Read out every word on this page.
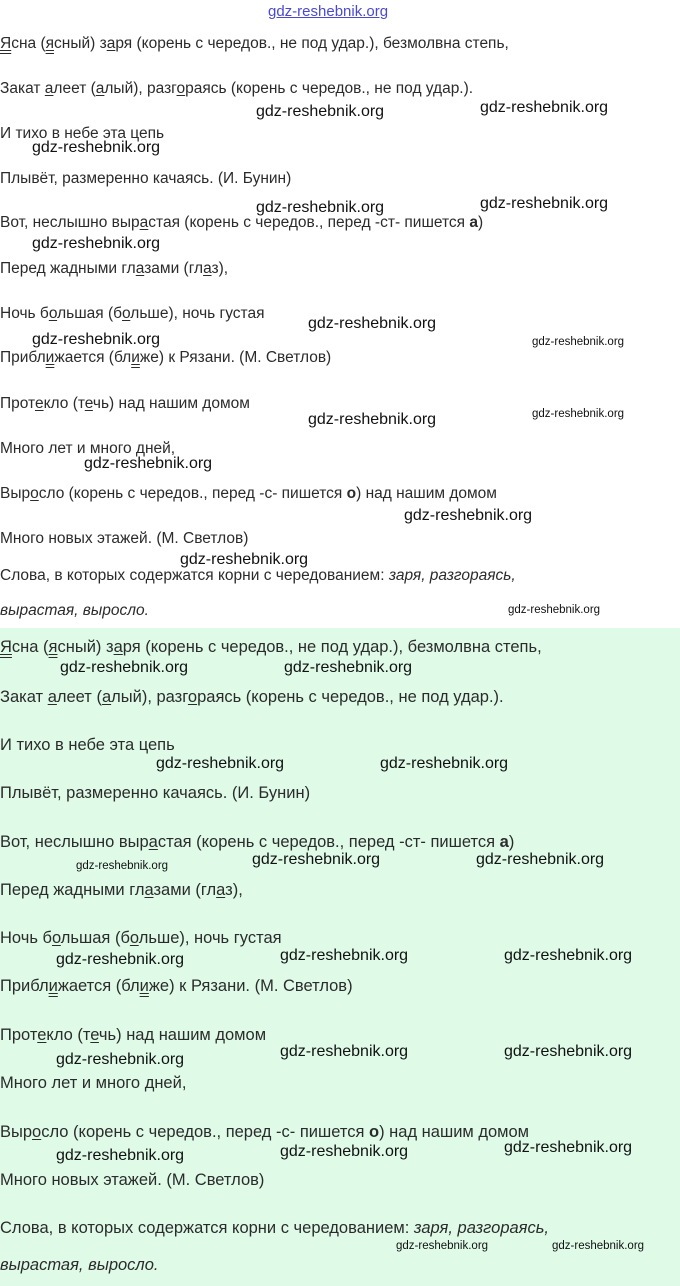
Ясна (ясный) заря (корень с чередов., не под удар.), безмолвна степь,
Закат алеет (алый), разгораясь (корень с чередов., не под удар.).
И тихо в небе эта цепь
Плывёт, размеренно качаясь. (И. Бунин)
Вот, неслышно вырастая (корень с чередов., перед -ст- пишется а)
Перед жадными глазами (глаз),
Ночь большая (больше), ночь густая
Приближается (ближе) к Рязани. (М. Светлов)
Протекло (течь) над нашим домом
Много лет и много дней,
Выросло (корень с чередов., перед -с- пишется о) над нашим домом
Много новых этажей. (М. Светлов)
Слова, в которых содержатся корни с чередованием: заря, разгораясь,
вырастая, выросло.
Ясна (ясный) заря (корень с чередов., не под удар.), безмолвна степь,
Закат алеет (алый), разгораясь (корень с чередов., не под удар.).
И тихо в небе эта цепь
Плывёт, размеренно качаясь. (И. Бунин)
Вот, неслышно вырастая (корень с чередов., перед -ст- пишется а)
Перед жадными глазами (глаз),
Ночь большая (больше), ночь густая
Приближается (ближе) к Рязани. (М. Светлов)
Протекло (течь) над нашим домом
Много лет и много дней,
Выросло (корень с чередов., перед -с- пишется о) над нашим домом
Много новых этажей. (М. Светлов)
Слова, в которых содержатся корни с чередованием: заря, разгораясь,
вырастая, выросло.
gdz-reshebnik.org
gdz-reshebnik.org	gdz-reshebnik.org
gdz-reshebnik.org
gdz-reshebnik.org	gdz-reshebnik.org
gdz-reshebnik.org
gdz-reshebnik.org
gdz-reshebnik.org	gdz-reshebnik.org
gdz-reshebnik.org	gdz-reshebnik.org
gdz-reshebnik.org
gdz-reshebnik.org
gdz-reshebnik.org
gdz-reshebnik.org
gdz-reshebnik.org	gdz-reshebnik.org
gdz-reshebnik.org	gdz-reshebnik.org
gdz-reshebnik.org	gdz-reshebnik.org	gdz-reshebnik.org
gdz-reshebnik.org	gdz-reshebnik.org	gdz-reshebnik.org
gdz-reshebnik.org	gdz-reshebnik.org	gdz-reshebnik.org
gdz-reshebnik.org	gdz-reshebnik.org	gdz-reshebnik.org
gdz-reshebnik.org	gdz-reshebnik.org
